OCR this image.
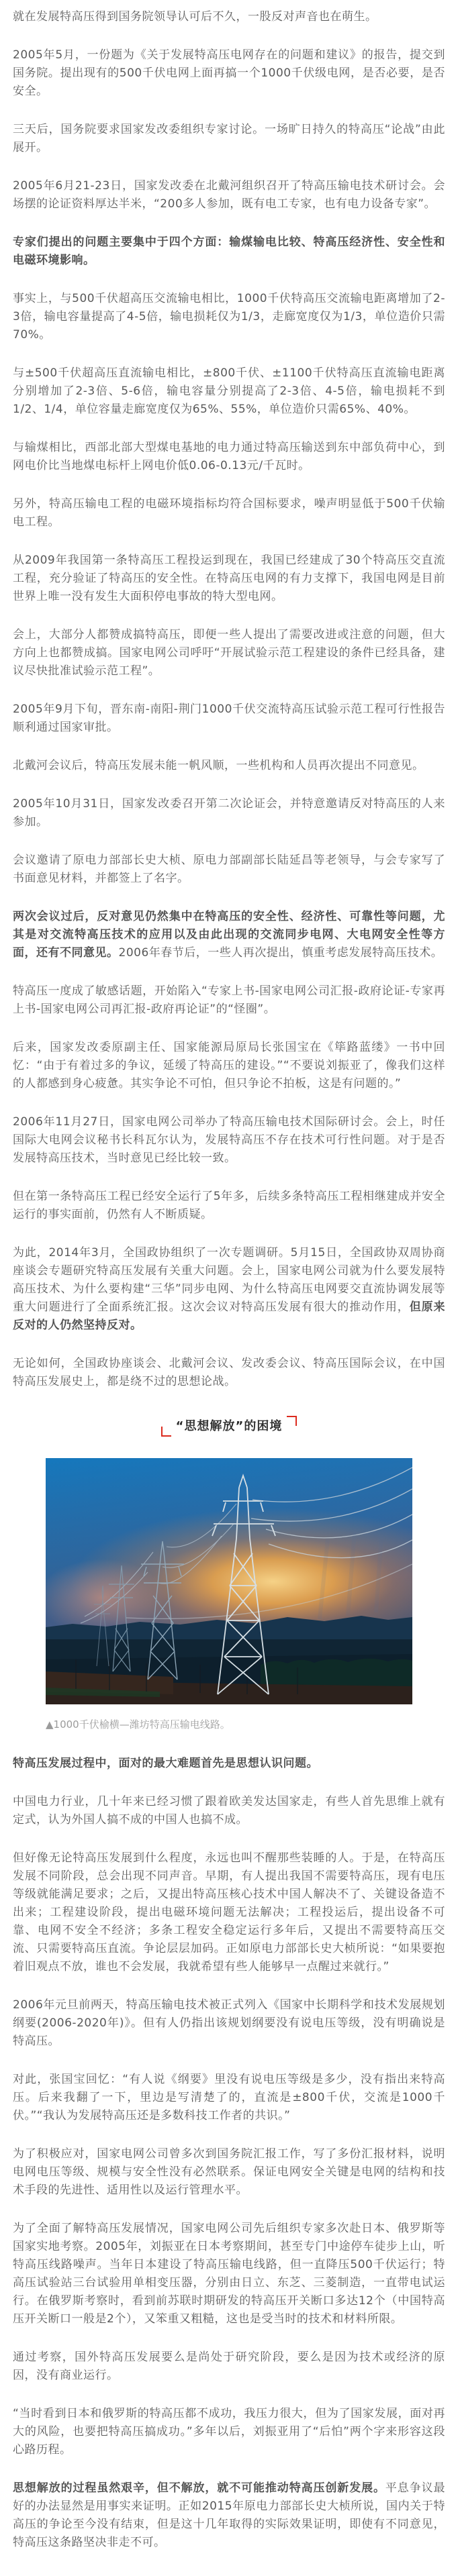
就在发展特高压得到国务院领导认可后不久，一股反对声音也在萌生。

2005年5月，一份题为《关于发展特高压电网存在的问题和建议》的报告，提交到国务院。提出现有的500千伏电网上面再搞一个1000千伏级电网，是否必要，是否安全。

三天后，国务院要求国家发改委组织专家讨论。一场旷日持久的特高压“论战”由此展开。

2005年6月21-23日，国家发改委在北戴河组织召开了特高压输电技术研讨会。会场摆的论证资料厚达半米，“200多人参加，既有电工专家，也有电力设备专家”。

专家们提出的问题主要集中于四个方面：输煤输电比较、特高压经济性、安全性和电磁环境影响。

事实上，与500千伏超高压交流输电相比，1000千伏特高压交流输电距离增加了2-3倍，输电容量提高了4-5倍，输电损耗仅为1/3，走廊宽度仅为1/3，单位造价只需70%。

与±500千伏超高压直流输电相比，±800千伏、±1100千伏特高压直流输电距离分别增加了2-3倍、5-6倍，输电容量分别提高了2-3倍、4-5倍，输电损耗不到1/2、1/4，单位容量走廊宽度仅为65%、55%，单位造价只需65%、40%。

与输煤相比，西部北部大型煤电基地的电力通过特高压输送到东中部负荷中心，到网电价比当地煤电标杆上网电价低0.06-0.13元/千瓦时。

另外，特高压输电工程的电磁环境指标均符合国标要求，噪声明显低于500千伏输电工程。

从2009年我国第一条特高压工程投运到现在，我国已经建成了30个特高压交直流工程，充分验证了特高压的安全性。在特高压电网的有力支撑下，我国电网是目前世界上唯一没有发生大面积停电事故的特大型电网。

会上，大部分人都赞成搞特高压，即便一些人提出了需要改进或注意的问题，但大方向上也都赞成搞。国家电网公司呼吁“开展试验示范工程建设的条件已经具备，建议尽快批准试验示范工程”。

2005年9月下旬，晋东南-南阳-荆门1000千伏交流特高压试验示范工程可行性报告顺利通过国家审批。

北戴河会议后，特高压发展未能一帆风顺，一些机构和人员再次提出不同意见。

2005年10月31日，国家发改委召开第二次论证会，并特意邀请反对特高压的人来参加。

会议邀请了原电力部部长史大桢、原电力部副部长陆延昌等老领导，与会专家写了书面意见材料，并都签上了名字。

两次会议过后，反对意见仍然集中在特高压的安全性、经济性、可靠性等问题，尤其是对交流特高压技术的应用以及由此出现的交流同步电网、大电网安全性等方面，还有不同意见。2006年春节后，一些人再次提出，慎重考虑发展特高压技术。

特高压一度成了敏感话题，开始陷入“专家上书-国家电网公司汇报-政府论证-专家再上书-国家电网公司再汇报-政府再论证”的“怪圈”。

后来，国家发改委原副主任、国家能源局原局长张国宝在《筚路蓝缕》一书中回忆：“由于有着过多的争议，延缓了特高压的建设。”“不要说刘振亚了，像我们这样的人都感到身心疲惫。其实争论不可怕，但只争论不拍板，这是有问题的。”

2006年11月27日，国家电网公司举办了特高压输电技术国际研讨会。会上，时任国际大电网会议秘书长科瓦尔认为，发展特高压不存在技术可行性问题。对于是否发展特高压技术，当时意见已经比较一致。

但在第一条特高压工程已经安全运行了5年多，后续多条特高压工程相继建成并安全运行的事实面前，仍然有人不断质疑。

为此，2014年3月，全国政协组织了一次专题调研。5月15日，全国政协双周协商座谈会专题研究特高压发展有关重大问题。会上，国家电网公司就为什么要发展特高压技术、为什么要构建“三华”同步电网、为什么特高压电网要交直流协调发展等重大问题进行了全面系统汇报。这次会议对特高压发展有很大的推动作用，但原来反对的人仍然坚持反对。

无论如何，全国政协座谈会、北戴河会议、发改委会议、特高压国际会议，在中国特高压发展史上，都是绕不过的思想论战。

“思想解放”的困境
▲1000千伏榆横—潍坊特高压输电线路。

特高压发展过程中，面对的最大难题首先是思想认识问题。

中国电力行业，几十年来已经习惯了跟着欧美发达国家走，有些人首先思维上就有定式，认为外国人搞不成的中国人也搞不成。

但好像无论特高压发展到什么程度，永远也叫不醒那些装睡的人。于是，在特高压发展不同阶段，总会出现不同声音。早期，有人提出我国不需要特高压，现有电压等级就能满足要求；之后，又提出特高压核心技术中国人解决不了、关键设备造不出来；工程建设阶段，提出电磁环境问题无法解决；工程投运后，提出设备不可靠、电网不安全不经济；多条工程安全稳定运行多年后，又提出不需要特高压交流、只需要特高压直流。争论层层加码。正如原电力部部长史大桢所说：“如果要抱着旧观点不放，谁也不会发展，我就希望有些人能够早一点醒过来就行。”

2006年元旦前两天，特高压输电技术被正式列入《国家中长期科学和技术发展规划纲要(2006-2020年)》。但有人仍指出该规划纲要没有说电压等级，没有明确说是特高压。

对此，张国宝回忆：“有人说《纲要》里没有说电压等级是多少，没有指出来特高压。后来我翻了一下，里边是写清楚了的，直流是±800千伏，交流是1000千伏。”“我认为发展特高压还是多数科技工作者的共识。”

为了积极应对，国家电网公司曾多次到国务院汇报工作，写了多份汇报材料，说明电网电压等级、规模与安全性没有必然联系。保证电网安全关键是电网的结构和技术手段的先进性、适用性以及运行管理水平。

为了全面了解特高压发展情况，国家电网公司先后组织专家多次赴日本、俄罗斯等国家实地考察。2005年，刘振亚在日本考察期间，甚至专门中途停车徒步上山，听特高压线路噪声。当年日本建设了特高压输电线路，但一直降压500千伏运行；特高压试验站三台试验用单相变压器，分别由日立、东芝、三菱制造，一直带电试运行。在俄罗斯考察时，看到前苏联时期研发的特高压开关断口多达12个（中国特高压开关断口一般是2个），又笨重又粗糙，这也是受当时的技术和材料所限。

通过考察，国外特高压发展要么是尚处于研究阶段，要么是因为技术或经济的原因，没有商业运行。

“当时看到日本和俄罗斯的特高压都不成功，我压力很大，但为了国家发展，面对再大的风险，也要把特高压搞成功。”多年以后，刘振亚用了“后怕”两个字来形容这段心路历程。

思想解放的过程虽然艰辛，但不解放，就不可能推动特高压创新发展。平息争议最好的办法显然是用事实来证明。正如2015年原电力部部长史大桢所说，国内关于特高压的争论至今没有结束，但是这十几年取得的实际效果证明，即使有不同意见，特高压这条路坚决非走不可。
